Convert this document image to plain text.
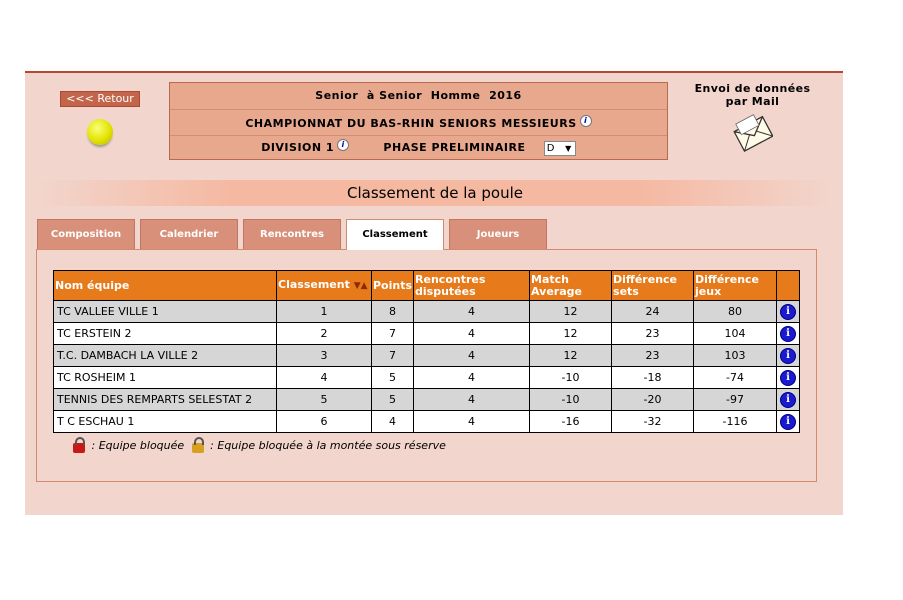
<<< Retour	Senior  à Senior  Homme  2016
CHAMPIONNAT DU BAS-RHIN SENIORS MESSIEURS i
DIVISION 1 i	PHASE PRELIMINAIRE D ▼
Envoi de données par Mail
Classement de la poule
Composition	Calendrier	Rencontres	Classement	Joueurs
Nom équipe	Classement ▼▲	Points	Rencontres disputées	Match Average	Différence sets	Différence jeux	
TC VALLEE VILLE 1	1	8	4	12	24	80	i
TC ERSTEIN 2	2	7	4	12	23	104	i
T.C. DAMBACH LA VILLE 2	3	7	4	12	23	103	i
TC ROSHEIM 1	4	5	4	-10	-18	-74	i
TENNIS DES REMPARTS SELESTAT 2	5	5	4	-10	-20	-97	i
T C ESCHAU 1	6	4	4	-16	-32	-116	i
: Equipe bloquée : Equipe bloquée à la montée sous réserve
